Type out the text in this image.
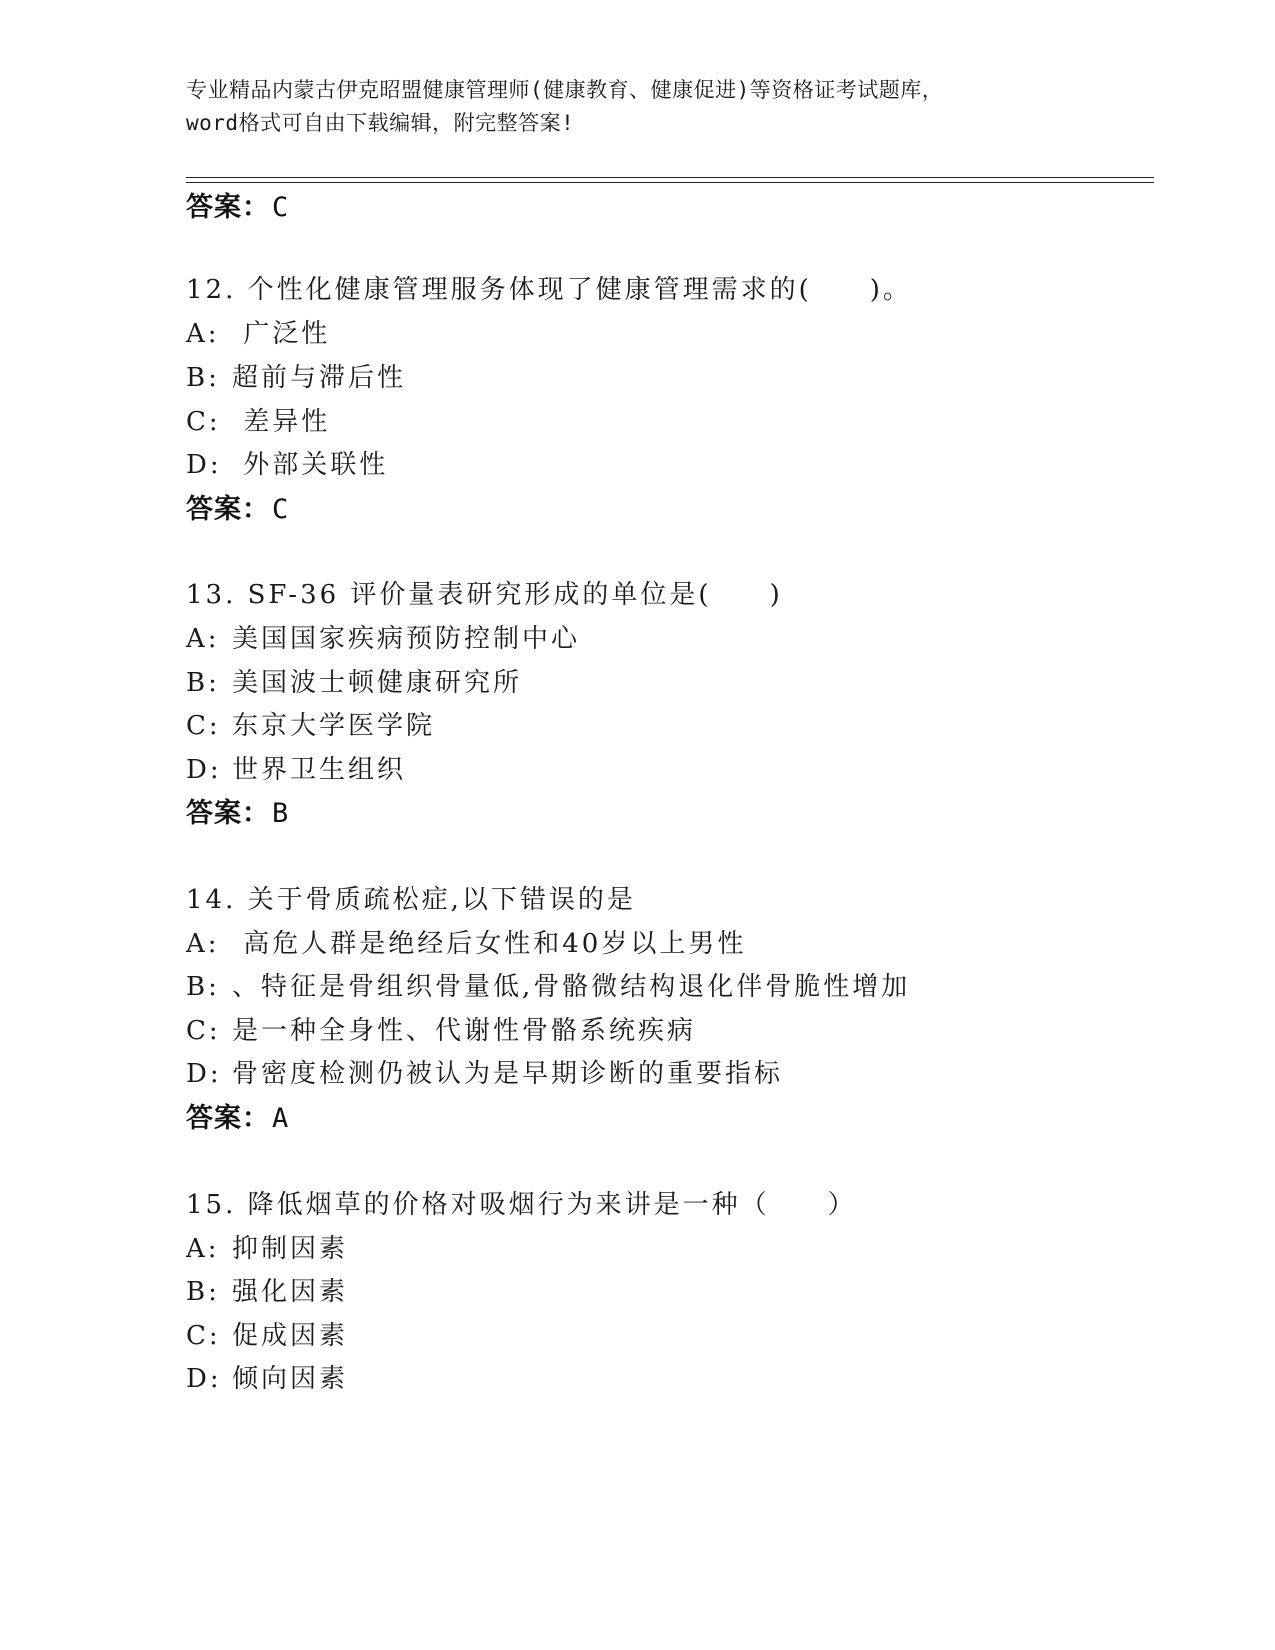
专业精品内蒙古伊克昭盟健康管理师(健康教育、健康促进)等资格证考试题库，
word格式可自由下载编辑，附完整答案!
答案：C
12. 个性化健康管理服务体现了健康管理需求的(　　)。
A: 广泛性
B: 超前与滞后性
C: 差异性
D: 外部关联性
答案：C
13. SF-36 评价量表研究形成的单位是(　　)
A: 美国国家疾病预防控制中心
B: 美国波士顿健康研究所
C: 东京大学医学院
D: 世界卫生组织
答案：B
14. 关于骨质疏松症,以下错误的是
A: 高危人群是绝经后女性和40岁以上男性
B: 、特征是骨组织骨量低,骨骼微结构退化伴骨脆性增加
C: 是一种全身性、代谢性骨骼系统疾病
D: 骨密度检测仍被认为是早期诊断的重要指标
答案：A
15. 降低烟草的价格对吸烟行为来讲是一种（　　）
A: 抑制因素
B: 强化因素
C: 促成因素
D: 倾向因素
